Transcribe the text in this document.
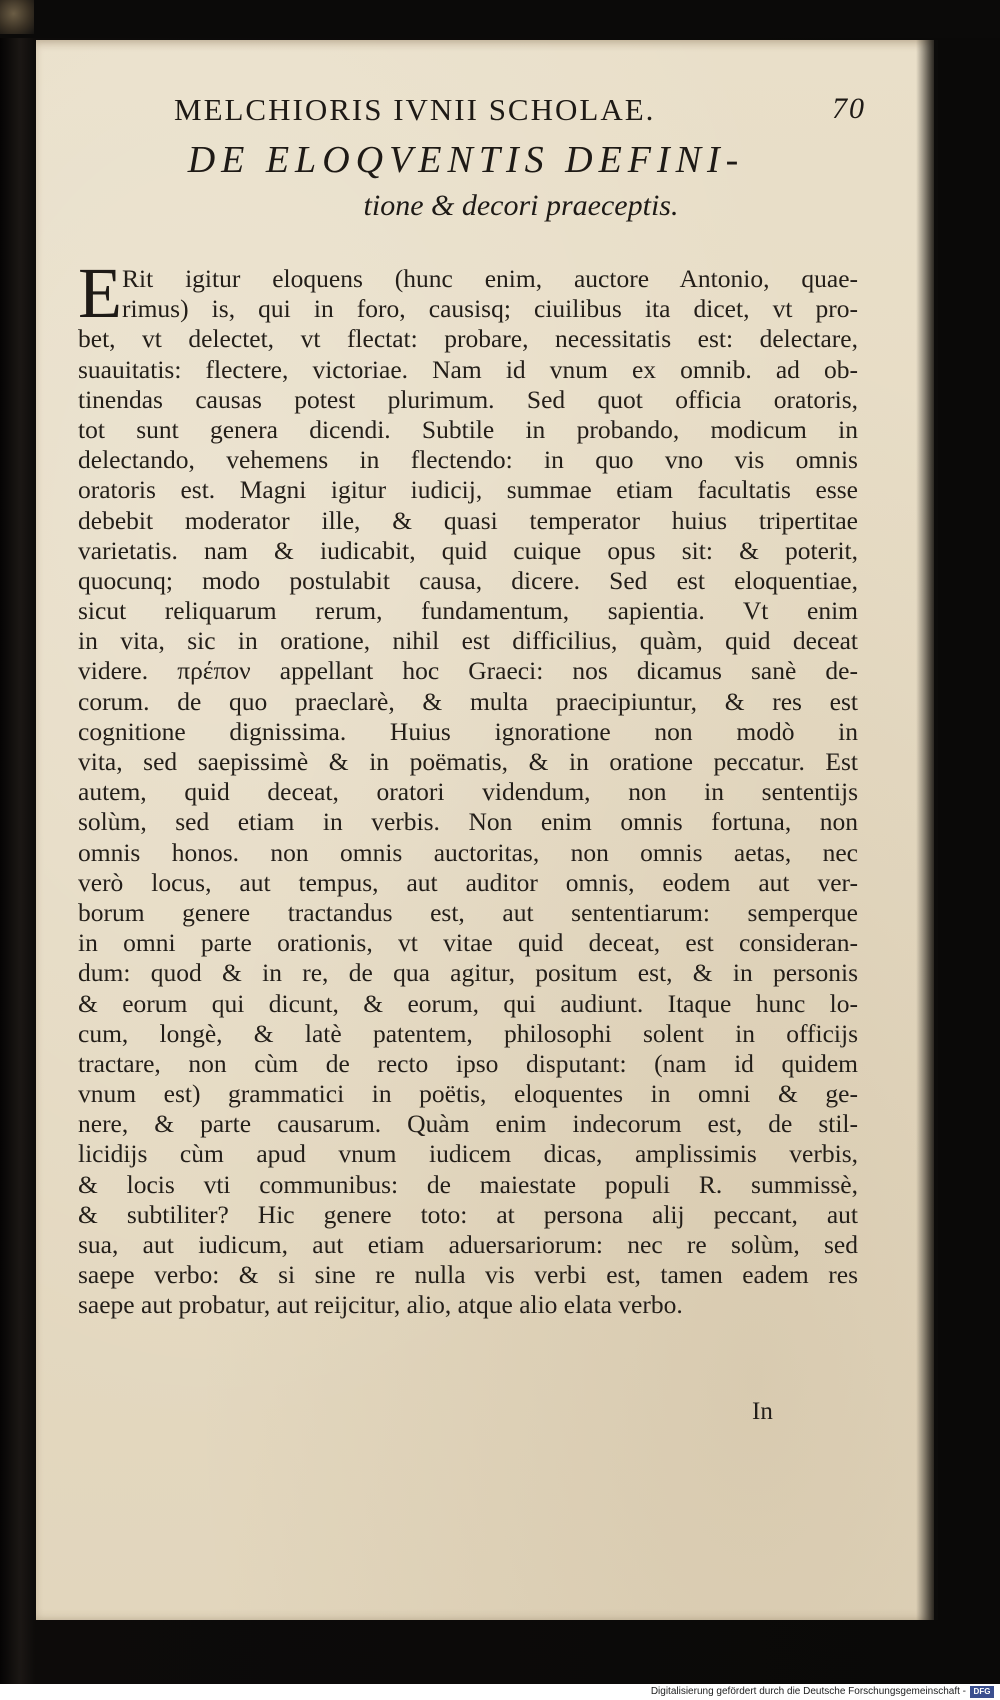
MELCHIORIS IVNII SCHOLAE.	70
DE ELOQVENTIS DEFINI-
tione & decori praeceptis.
E Rit igitur eloquens (hunc enim, auctore Antonio, quae-
rimus) is, qui in foro, causisq; ciuilibus ita dicet, vt pro-
bet, vt delectet, vt flectat: probare, necessitatis est: delectare,
suauitatis: flectere, victoriae. Nam id vnum ex omnib. ad ob-
tinendas causas potest plurimum. Sed quot officia oratoris,
tot sunt genera dicendi. Subtile in probando, modicum in
delectando, vehemens in flectendo: in quo vno vis omnis
oratoris est. Magni igitur iudicij, summae etiam facultatis esse
debebit moderator ille, & quasi temperator huius tripertitae
varietatis. nam & iudicabit, quid cuique opus sit: & poterit,
quocunq; modo postulabit causa, dicere. Sed est eloquentiae,
sicut reliquarum rerum, fundamentum, sapientia. Vt enim
in vita, sic in oratione, nihil est difficilius, quàm, quid deceat
videre. πρέπον appellant hoc Graeci: nos dicamus sanè de-
corum. de quo praeclarè, & multa praecipiuntur, & res est
cognitione dignissima. Huius ignoratione non modò in
vita, sed saepissimè & in poëmatis, & in oratione peccatur. Est
autem, quid deceat, oratori videndum, non in sententijs
solùm, sed etiam in verbis. Non enim omnis fortuna, non
omnis honos. non omnis auctoritas, non omnis aetas, nec
verò locus, aut tempus, aut auditor omnis, eodem aut ver-
borum genere tractandus est, aut sententiarum: semperque
in omni parte orationis, vt vitae quid deceat, est consideran-
dum: quod & in re, de qua agitur, positum est, & in personis
& eorum qui dicunt, & eorum, qui audiunt. Itaque hunc lo-
cum, longè, & latè patentem, philosophi solent in officijs
tractare, non cùm de recto ipso disputant: (nam id quidem
vnum est) grammatici in poëtis, eloquentes in omni & ge-
nere, & parte causarum. Quàm enim indecorum est, de stil-
licidijs cùm apud vnum iudicem dicas, amplissimis verbis,
& locis vti communibus: de maiestate populi R. summissè,
& subtiliter? Hic genere toto: at persona alij peccant, aut
sua, aut iudicum, aut etiam aduersariorum: nec re solùm, sed
saepe verbo: & si sine re nulla vis verbi est, tamen eadem res
saepe aut probatur, aut reijcitur, alio, atque alio elata verbo.
In
Digitalisierung gefördert durch die Deutsche Forschungsgemeinschaft - DFG
